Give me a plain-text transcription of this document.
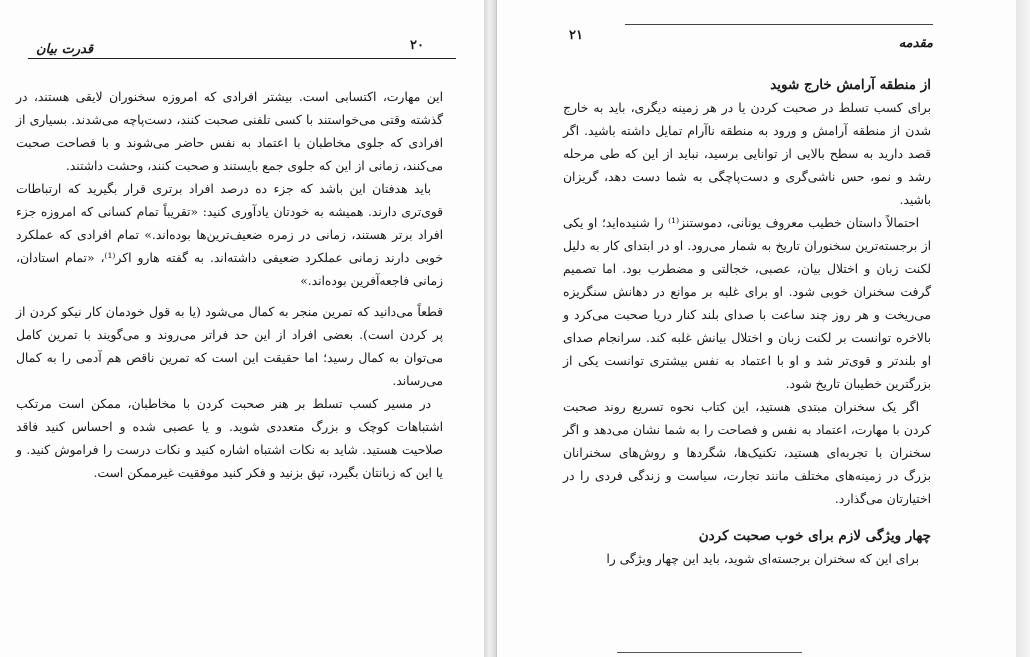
قدرت بیان	۲۰

این مهارت، اکتسابی است. بیشتر افرادی که امروزه سخنوران لایقی هستند، در گذشته وقتی می‌خواستند با کسی تلفنی صحبت کنند، دست‌پاچه می‌شدند. بسیاری از افرادی که جلوی مخاطبان با اعتماد به نفس حاضر می‌شوند و با فصاحت صحبت می‌کنند، زمانی از این که جلوی جمع بایستند و صحبت کنند، وحشت داشتند.

باید هدفتان این باشد که جزء ده درصد افراد برتری قرار بگیرید که ارتباطات قوی‌تری دارند. همیشه به خودتان یادآوری کنید: «تقریباً تمام کسانی که امروزه جزء افراد برتر هستند، زمانی در زمره ضعیف‌ترین‌ها بوده‌اند.» تمام افرادی که عملکرد خوبی دارند زمانی عملکرد ضعیفی داشته‌اند. به گفته هارو اکر⁽¹⁾، «تمام استادان، زمانی فاجعه‌آفرین بوده‌اند.»

قطعاً می‌دانید که تمرین منجر به کمال می‌شود (یا به قول خودمان کار نیکو کردن از پر کردن است). بعضی افراد از این حد فراتر می‌روند و می‌گویند با تمرین کامل می‌توان به کمال رسید؛ اما حقیقت این است که تمرین ناقص هم آدمی را به کمال می‌رساند.

در مسیر کسب تسلط بر هنر صحبت کردن با مخاطبان، ممکن است مرتکب اشتباهات کوچک و بزرگ متعددی شوید. و یا عصبی شده و احساس کنید فاقد صلاحیت هستید. شاید به نکات اشتباه اشاره کنید و نکات درست را فراموش کنید. و یا این که زبانتان بگیرد، تپق بزنید و فکر کنید موفقیت غیرممکن است.

۲۱
مقدمه

از منطقه آرامش خارج شوید

برای کسب تسلط در صحبت کردن یا در هر زمینه دیگری، باید به خارج شدن از منطقه آرامش و ورود به منطقه ناآرام تمایل داشته باشید. اگر قصد دارید به سطح بالایی از توانایی برسید، نباید از این که طی مرحله رشد و نمو، حس ناشی‌گری و دست‌پاچگی به شما دست دهد، گریزان باشید.

احتمالاً داستان خطیب معروف یونانی، دموستنز⁽¹⁾ را شنیده‌اید؛ او یکی از برجسته‌ترین سخنوران تاریخ به شمار می‌رود. او در ابتدای کار به دلیل لکنت زبان و اختلال بیان، عصبی، خجالتی و مضطرب بود. اما تصمیم گرفت سخنران خوبی شود. او برای غلبه بر موانع در دهانش سنگریزه می‌ریخت و هر روز چند ساعت با صدای بلند کنار دریا صحبت می‌کرد و بالاخره توانست بر لکنت زبان و اختلال بیانش غلبه کند. سرانجام صدای او بلندتر و قوی‌تر شد و او با اعتماد به نفس بیشتری توانست یکی از بزرگترین خطیبان تاریخ شود.

اگر یک سخنران مبتدی هستید، این کتاب نحوه تسریع روند صحبت کردن با مهارت، اعتماد به نفس و فصاحت را به شما نشان می‌دهد و اگر سخنران با تجربه‌ای هستید، تکنیک‌ها، شگردها و روش‌های سخنرانان بزرگ در زمینه‌های مختلف مانند تجارت، سیاست و زندگی فردی را در اختیارتان می‌گذارد.

چهار ویژگی لازم برای خوب صحبت کردن

برای این که سخنران برجسته‌ای شوید، باید این چهار ویژگی را
